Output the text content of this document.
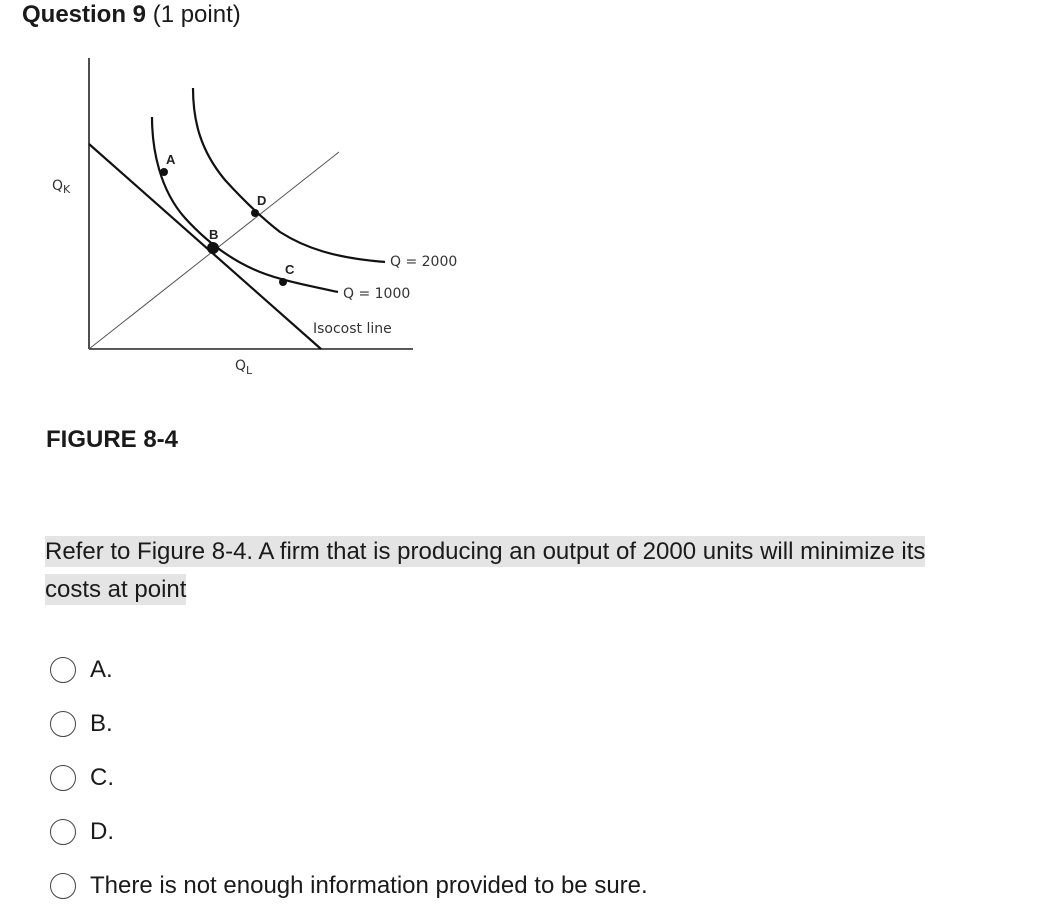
Question 9 (1 point)
A
B
C
D
Q = 2000
Q = 1000
Isocost line
$Q_K$
$Q_L$
FIGURE 8-4
Refer to Figure 8-4. A firm that is producing an output of 2000 units will minimize its
costs at point
A.
B.
C.
D.
There is not enough information provided to be sure.
